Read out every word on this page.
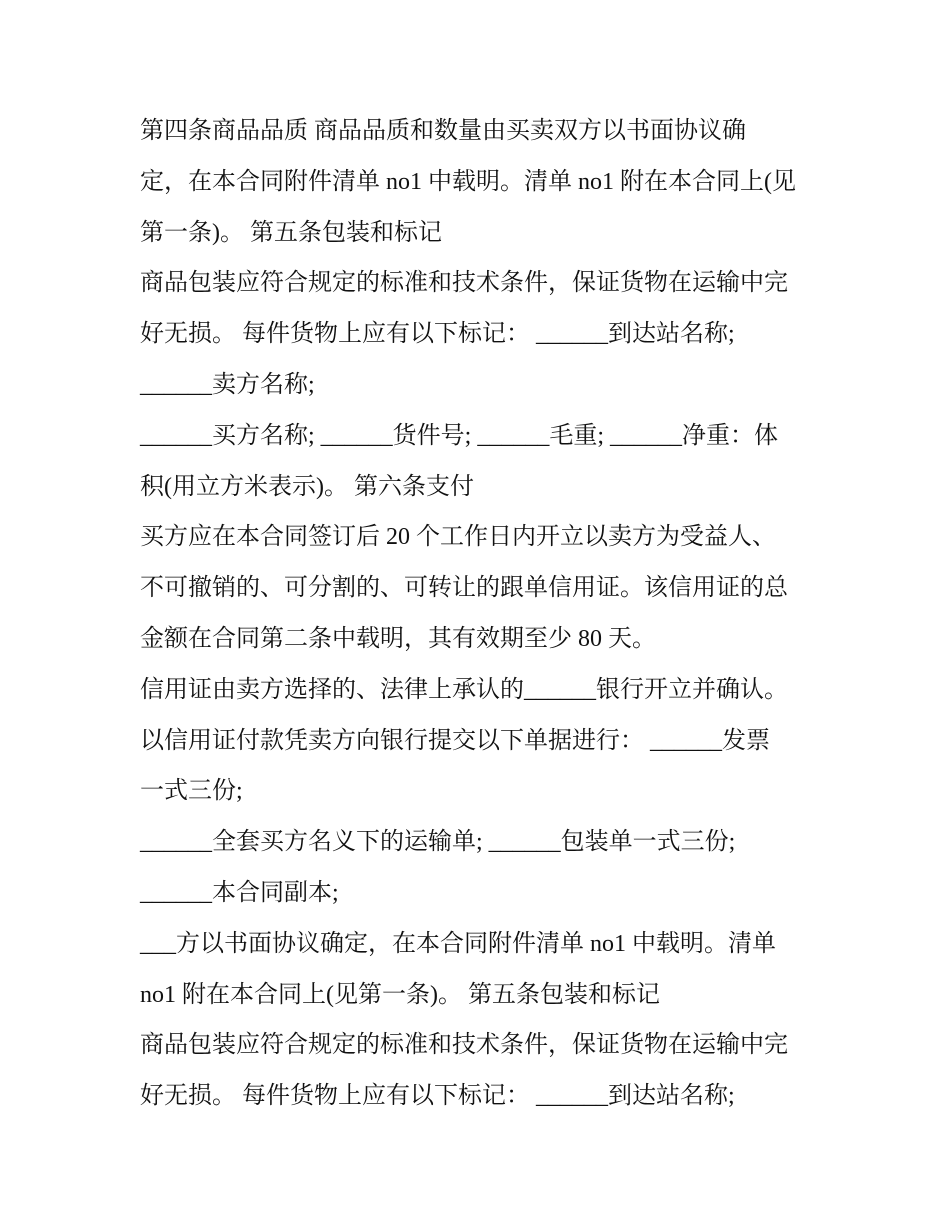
第四条商品品质 商品品质和数量由买卖双方以书面协议确
定，在本合同附件清单 no1 中载明。清单 no1 附在本合同上(见
第一条)。 第五条包装和标记
商品包装应符合规定的标准和技术条件，保证货物在运输中完
好无损。 每件货物上应有以下标记： ______到达站名称;
______卖方名称;
______买方名称; ______货件号; ______毛重; ______净重：体
积(用立方米表示)。 第六条支付
买方应在本合同签订后 20 个工作日内开立以卖方为受益人、
不可撤销的、可分割的、可转让的跟单信用证。该信用证的总
金额在合同第二条中载明，其有效期至少 80 天。
信用证由卖方选择的、法律上承认的______银行开立并确认。
以信用证付款凭卖方向银行提交以下单据进行： ______发票
一式三份;
______全套买方名义下的运输单; ______包装单一式三份;
______本合同副本;
___方以书面协议确定，在本合同附件清单 no1 中载明。清单
no1 附在本合同上(见第一条)。 第五条包装和标记
商品包装应符合规定的标准和技术条件，保证货物在运输中完
好无损。 每件货物上应有以下标记： ______到达站名称;
